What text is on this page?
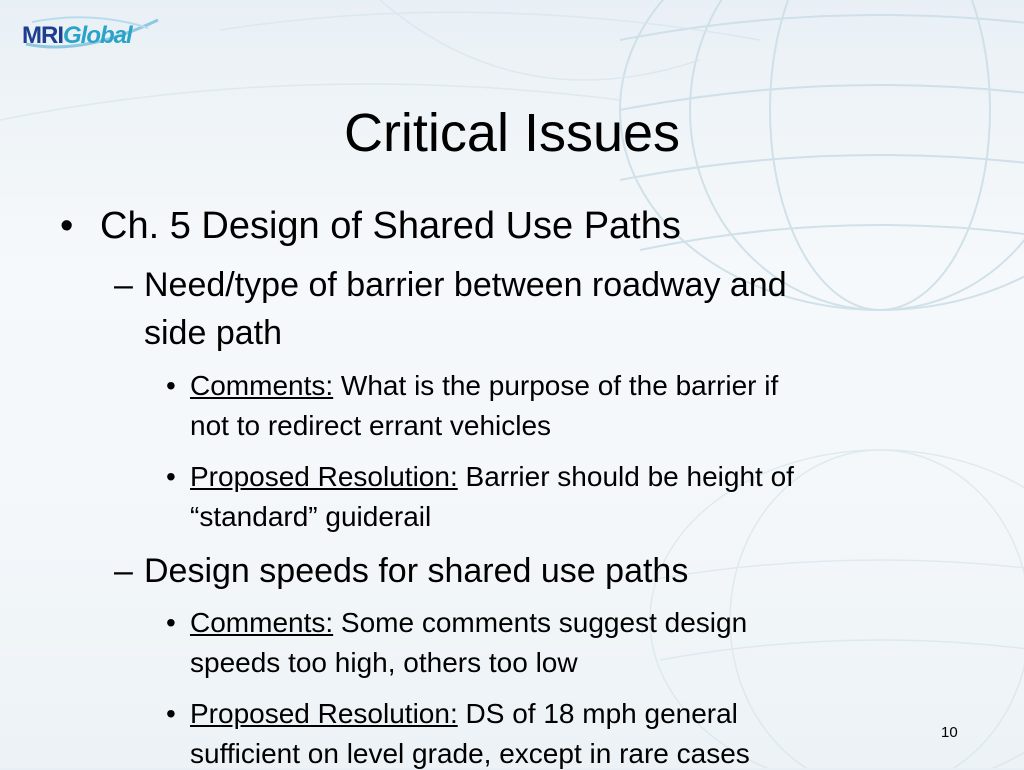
MRIGlobal
Critical Issues
• Ch. 5 Design of Shared Use Paths
– Need/type of barrier between roadway and
side path
• Comments: What is the purpose of the barrier if
not to redirect errant vehicles
• Proposed Resolution: Barrier should be height of
“standard” guiderail
– Design speeds for shared use paths
• Comments: Some comments suggest design
speeds too high, others too low
• Proposed Resolution: DS of 18 mph general
sufficient on level grade, except in rare cases
10
